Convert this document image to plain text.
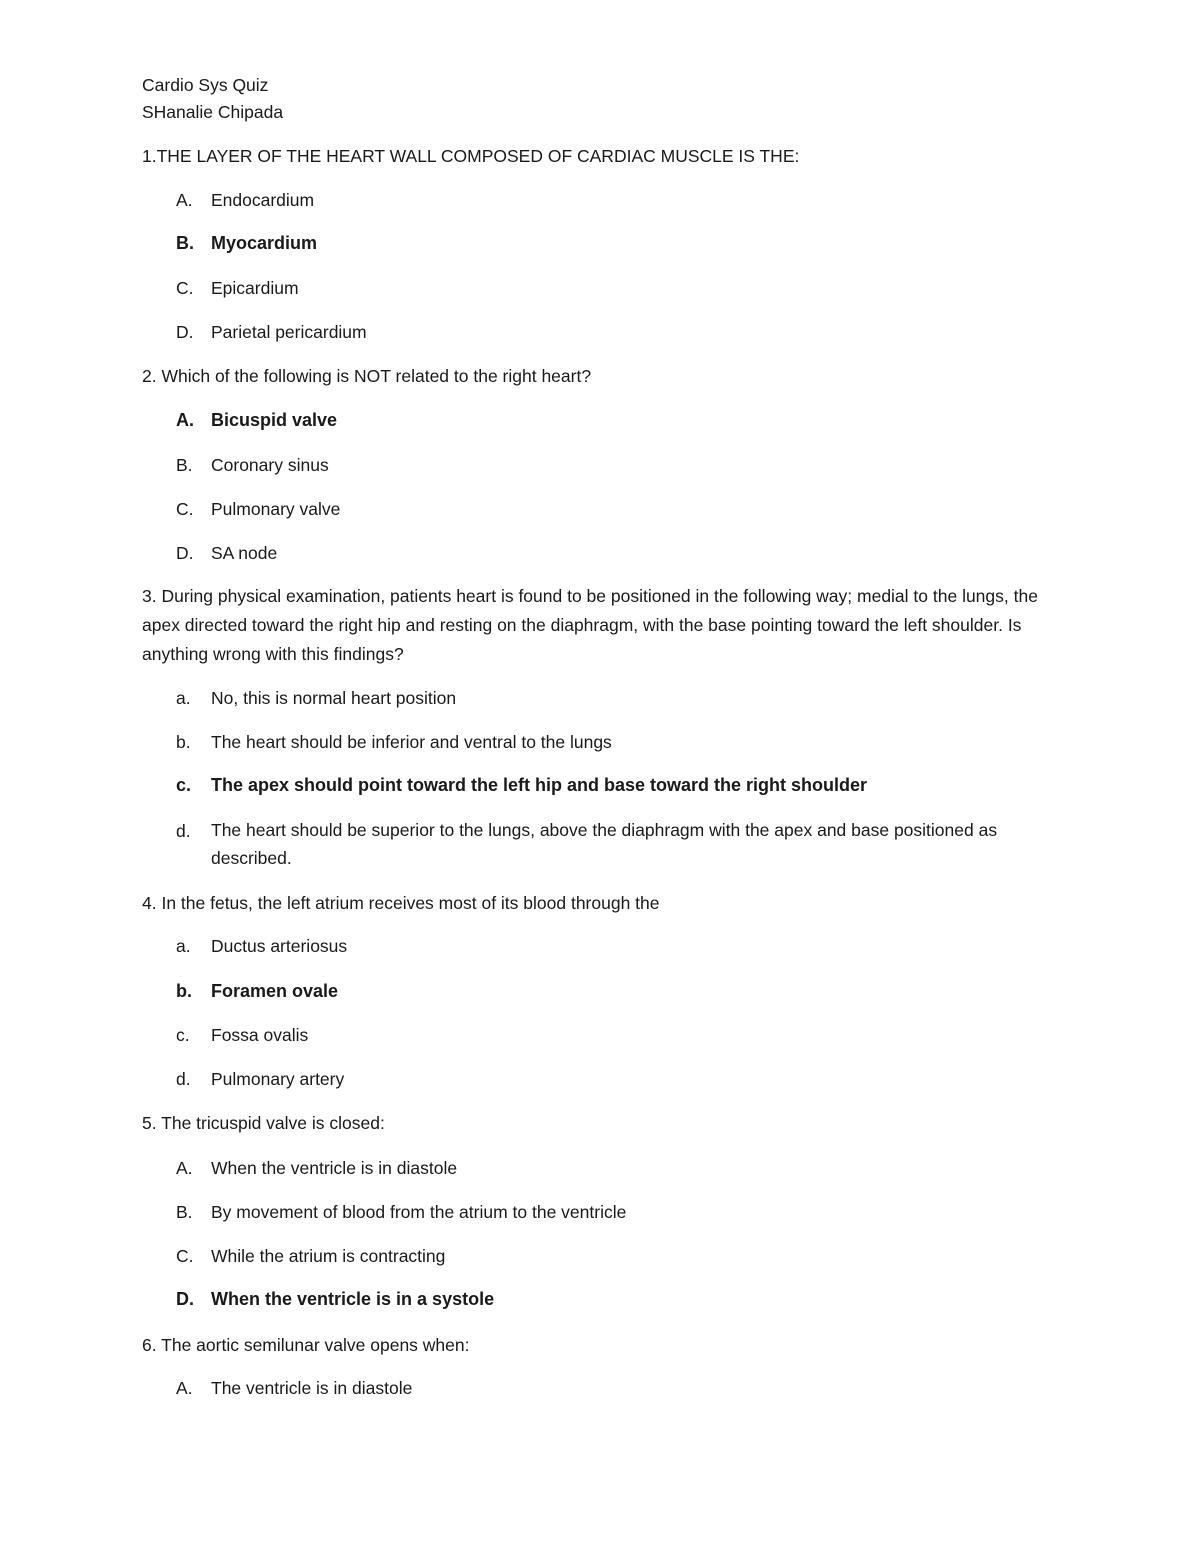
Cardio Sys Quiz
SHanalie Chipada
1.THE LAYER OF THE HEART WALL COMPOSED OF CARDIAC MUSCLE IS THE:
A. Endocardium
B. Myocardium
C. Epicardium
D. Parietal pericardium
2. Which of the following is NOT related to the right heart?
A. Bicuspid valve
B. Coronary sinus
C. Pulmonary valve
D. SA node
3. During physical examination, patients heart is found to be positioned in the following way; medial to the lungs, the apex directed toward the right hip and resting on the diaphragm, with the base pointing toward the left shoulder. Is anything wrong with this findings?
a. No, this is normal heart position
b. The heart should be inferior and ventral to the lungs
c. The apex should point toward the left hip and base toward the right shoulder
d. The heart should be superior to the lungs, above the diaphragm with the apex and base positioned as described.
4. In the fetus, the left atrium receives most of its blood through the
a. Ductus arteriosus
b. Foramen ovale
c. Fossa ovalis
d. Pulmonary artery
5. The tricuspid valve is closed:
A. When the ventricle is in diastole
B. By movement of blood from the atrium to the ventricle
C. While the atrium is contracting
D. When the ventricle is in a systole
6. The aortic semilunar valve opens when:
A. The ventricle is in diastole
